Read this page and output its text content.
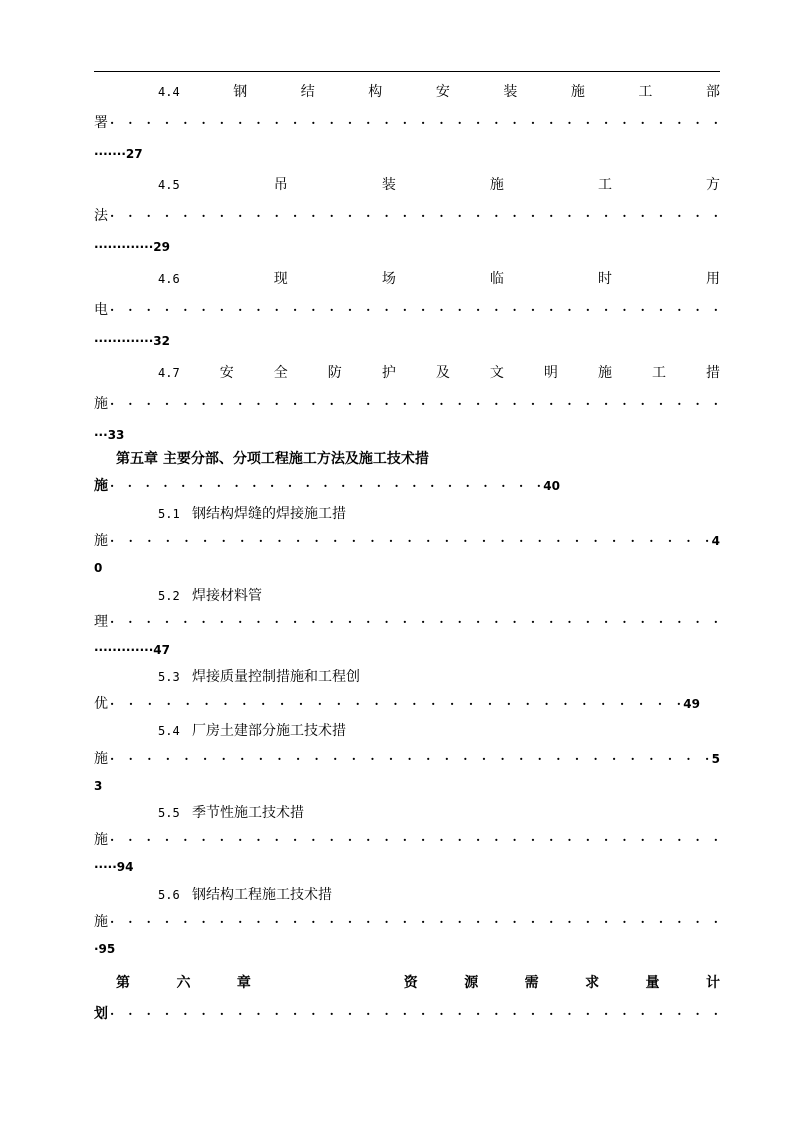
4.4	钢	结	构	安	装	施	工	部
署 · · · · · · · · · · · · · · · · · · · · · · · · · · · · · · · · · ·
·······27
4.5	吊	装	施	工	方
法 · · · · · · · · · · · · · · · · · · · · · · · · · · · · · · · · · ·
·············29
4.6	现	场	临	时	用
电 · · · · · · · · · · · · · · · · · · · · · · · · · · · · · · · · · ·
·············32
4.7	安	全	防	护	及	文	明	施	工	措
施 · · · · · · · · · · · · · · · · · · · · · · · · · · · · · · · · · ·
···33
第五章 主要分部、分项工程施工方法及施工技术措
施 · · · · · · · · · · · · · · · · · · · · · · · · · 40
5.1 钢结构焊缝的焊接施工措
施 · · · · · · · · · · · · · · · · · · · · · · · · · · · · · · · · · 4
0
5.2 焊接材料管
理 · · · · · · · · · · · · · · · · · · · · · · · · · · · · · · · · · ·
·············47
5.3 焊接质量控制措施和工程创
优 · · · · · · · · · · · · · · · · · · · · · · · · · · · · · · · 49
5.4 厂房土建部分施工技术措
施 · · · · · · · · · · · · · · · · · · · · · · · · · · · · · · · · · 5
3
5.5 季节性施工技术措
施 · · · · · · · · · · · · · · · · · · · · · · · · · · · · · · · · · ·
·····94
5.6 钢结构工程施工技术措
施 · · · · · · · · · · · · · · · · · · · · · · · · · · · · · · · · · ·
·95
第	六	章	资	源	需	求	量	计
划 · · · · · · · · · · · · · · · · · · · · · · · · · · · · · · · · · ·
